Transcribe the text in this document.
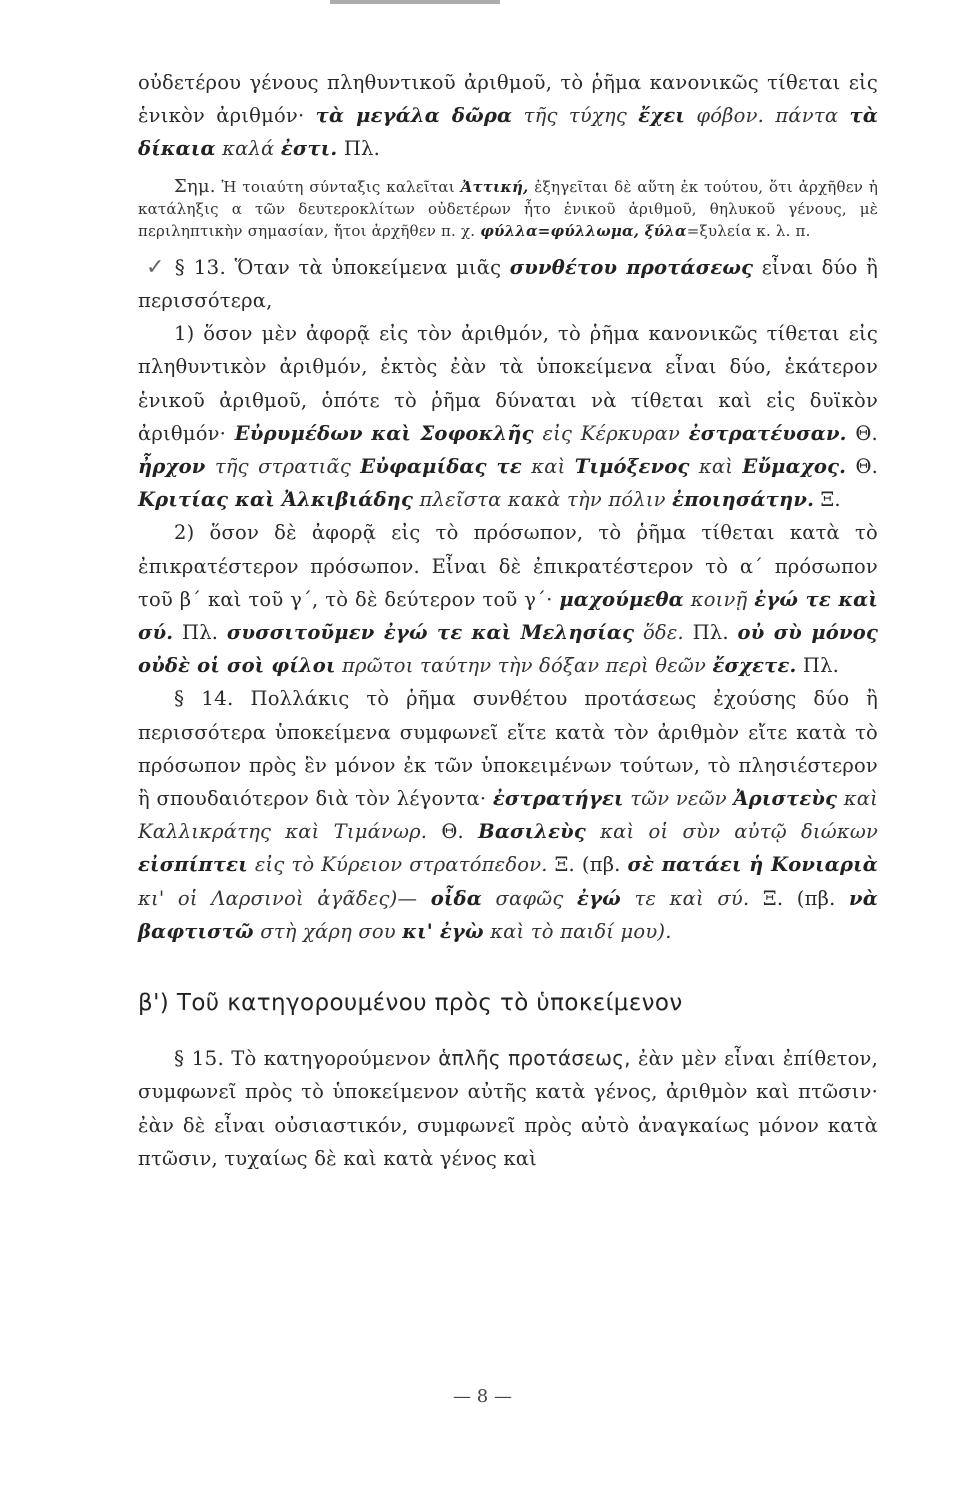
οὐδετέρου γένους πληθυντικοῦ ἀριθμοῦ, τὸ ῥῆμα κανονικῶς τίθεται εἰς ἑνικὸν ἀριθμόν· τὰ μεγάλα δῶρα τῆς τύχης ἔχει φόβον. πάντα τὰ δίκαια καλά ἐστι. Πλ.

Σημ. Ἡ τοιαύτη σύνταξις καλεῖται Ἀττική, ἐξηγεῖται δὲ αὕτη ἐκ τούτου, ὅτι ἀρχῆθεν ἡ κατάληξις α τῶν δευτεροκλίτων οὐδετέρων ἦτο ἑνικοῦ ἀριθμοῦ, θηλυκοῦ γένους, μὲ περιληπτικὴν σημασίαν, ἤτοι ἀρχῆθεν π. χ. φύλλα=φύλλωμα, ξύλα=ξυλεία κ. λ. π.

✓ § 13. Ὅταν τὰ ὑποκείμενα μιᾶς συνθέτου προτάσεως εἶναι δύο ἢ περισσότερα,

1) ὅσον μὲν ἀφορᾷ εἰς τὸν ἀριθμόν, τὸ ῥῆμα κανονικῶς τίθεται εἰς πληθυντικὸν ἀριθμόν, ἐκτὸς ἐὰν τὰ ὑποκείμενα εἶναι δύο, ἑκάτερον ἑνικοῦ ἀριθμοῦ, ὁπότε τὸ ῥῆμα δύναται νὰ τίθεται καὶ εἰς δυϊκὸν ἀριθμόν· Εὐρυμέδων καὶ Σοφοκλῆς εἰς Κέρκυραν ἐστρατέυσαν. Θ. ἦρχον τῆς στρατιᾶς Εὐφαμίδας τε καὶ Τιμόξενος καὶ Εὔμαχος. Θ. Κριτίας καὶ Ἀλκιβιάδης πλεῖστα κακὰ τὴν πόλιν ἐποιησάτην. Ξ.

2) ὅσον δὲ ἀφορᾷ εἰς τὸ πρόσωπον, τὸ ῥῆμα τίθεται κατὰ τὸ ἐπικρατέστερον πρόσωπον. Εἶναι δὲ ἐπικρατέστερον τὸ α΄ πρόσωπον τοῦ β΄ καὶ τοῦ γ΄, τὸ δὲ δεύτερον τοῦ γ΄· μαχούμεθα κοινῇ ἐγώ τε καὶ σύ. Πλ. συσσιτοῦμεν ἐγώ τε καὶ Μελησίας ὅδε. Πλ. οὐ σὺ μόνος οὐδὲ οἱ σοὶ φίλοι πρῶτοι ταύτην τὴν δόξαν περὶ θεῶν ἔσχετε. Πλ.

§ 14. Πολλάκις τὸ ῥῆμα συνθέτου προτάσεως ἐχούσης δύο ἢ περισσότερα ὑποκείμενα συμφωνεῖ εἴτε κατὰ τὸν ἀριθμὸν εἴτε κατὰ τὸ πρόσωπον πρὸς ἓν μόνον ἐκ τῶν ὑποκειμένων τούτων, τὸ πλησιέστερον ἢ σπουδαιότερον διὰ τὸν λέγοντα· ἐστρατήγει τῶν νεῶν Ἀριστεὺς καὶ Καλλικράτης καὶ Τιμάνωρ. Θ. Βασιλεὺς καὶ οἱ σὺν αὐτῷ διώκων εἰσπίπτει εἰς τὸ Κύρειον στρατόπεδον. Ξ. (πβ. σὲ πατάει ἡ Κονιαριὰ κι' οἱ Λαρσινοὶ ἀγᾶδες)— οἶδα σαφῶς ἐγώ τε καὶ σύ. Ξ. (πβ. νὰ βαφτιστῶ στὴ χάρη σου κι' ἐγὼ καὶ τὸ παιδί μου).

β') Τοῦ κατηγορουμένου πρὸς τὸ ὑποκείμενον

§ 15. Τὸ κατηγορούμενον ἁπλῆς προτάσεως, ἐὰν μὲν εἶναι ἐπίθετον, συμφωνεῖ πρὸς τὸ ὑποκείμενον αὐτῆς κατὰ γένος, ἀριθμὸν καὶ πτῶσιν· ἐὰν δὲ εἶναι οὐσιαστικόν, συμφωνεῖ πρὸς αὐτὸ ἀναγκαίως μόνον κατὰ πτῶσιν, τυχαίως δὲ καὶ κατὰ γένος καὶ

— 8 —
